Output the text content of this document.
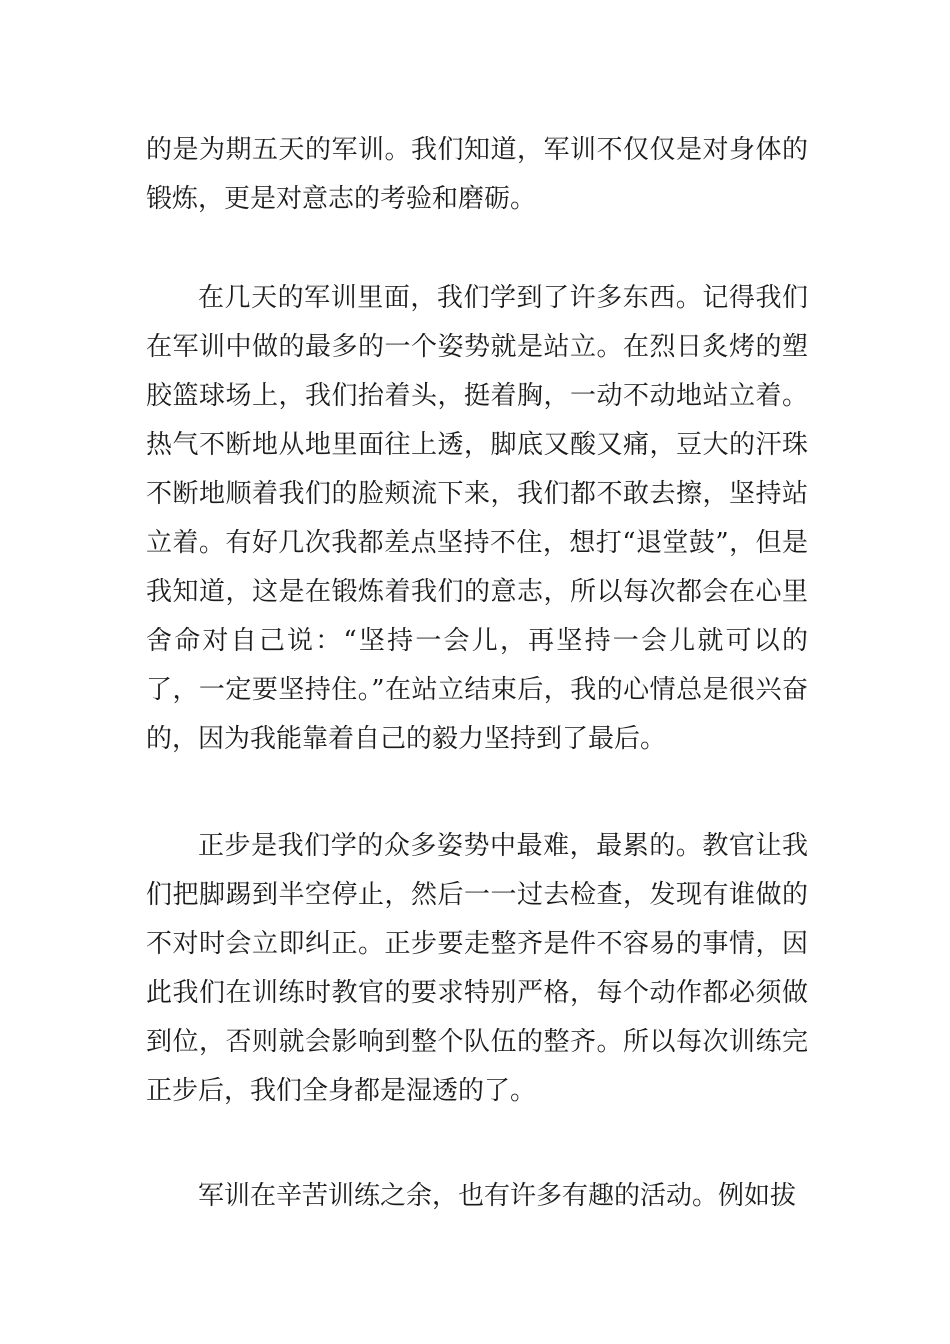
的是为期五天的军训。我们知道，军训不仅仅是对身体的锻炼，更是对意志的考验和磨砺。

在几天的军训里面，我们学到了许多东西。记得我们在军训中做的最多的一个姿势就是站立。在烈日炙烤的塑胶篮球场上，我们抬着头，挺着胸，一动不动地站立着。热气不断地从地里面往上透，脚底又酸又痛，豆大的汗珠不断地顺着我们的脸颊流下来，我们都不敢去擦，坚持站立着。有好几次我都差点坚持不住，想打“退堂鼓”，但是我知道，这是在锻炼着我们的意志，所以每次都会在心里舍命对自己说：“坚持一会儿，再坚持一会儿就可以的了，一定要坚持住。”在站立结束后，我的心情总是很兴奋的，因为我能靠着自己的毅力坚持到了最后。

正步是我们学的众多姿势中最难，最累的。教官让我们把脚踢到半空停止，然后一一过去检查，发现有谁做的不对时会立即纠正。正步要走整齐是件不容易的事情，因此我们在训练时教官的要求特别严格，每个动作都必须做到位，否则就会影响到整个队伍的整齐。所以每次训练完正步后，我们全身都是湿透的了。

军训在辛苦训练之余，也有许多有趣的活动。例如拔
